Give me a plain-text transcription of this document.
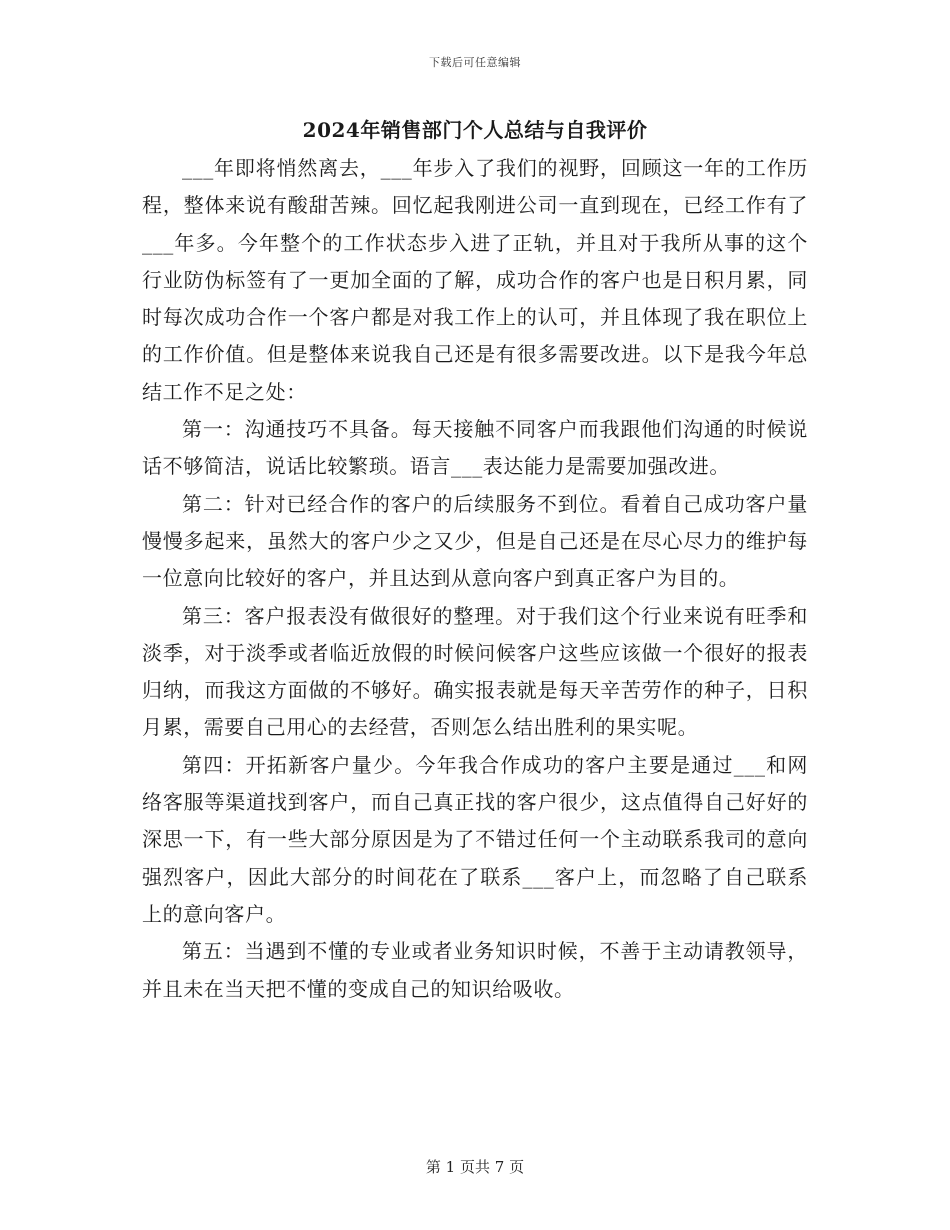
下载后可任意编辑
2024年销售部门个人总结与自我评价

___年即将悄然离去，___年步入了我们的视野，回顾这一年的工作历程，整体来说有酸甜苦辣。回忆起我刚进公司一直到现在，已经工作有了___年多。今年整个的工作状态步入进了正轨，并且对于我所从事的这个行业防伪标签有了一更加全面的了解，成功合作的客户也是日积月累，同时每次成功合作一个客户都是对我工作上的认可，并且体现了我在职位上的工作价值。但是整体来说我自己还是有很多需要改进。以下是我今年总结工作不足之处：

第一：沟通技巧不具备。每天接触不同客户而我跟他们沟通的时候说话不够简洁，说话比较繁琐。语言___表达能力是需要加强改进。

第二：针对已经合作的客户的后续服务不到位。看着自己成功客户量慢慢多起来，虽然大的客户少之又少，但是自己还是在尽心尽力的维护每一位意向比较好的客户，并且达到从意向客户到真正客户为目的。

第三：客户报表没有做很好的整理。对于我们这个行业来说有旺季和淡季，对于淡季或者临近放假的时候问候客户这些应该做一个很好的报表归纳，而我这方面做的不够好。确实报表就是每天辛苦劳作的种子，日积月累，需要自己用心的去经营，否则怎么结出胜利的果实呢。

第四：开拓新客户量少。今年我合作成功的客户主要是通过___和网络客服等渠道找到客户，而自己真正找的客户很少，这点值得自己好好的深思一下，有一些大部分原因是为了不错过任何一个主动联系我司的意向强烈客户，因此大部分的时间花在了联系___客户上，而忽略了自己联系上的意向客户。

第五：当遇到不懂的专业或者业务知识时候，不善于主动请教领导，并且未在当天把不懂的变成自己的知识给吸收。

第 1 页共 7 页
